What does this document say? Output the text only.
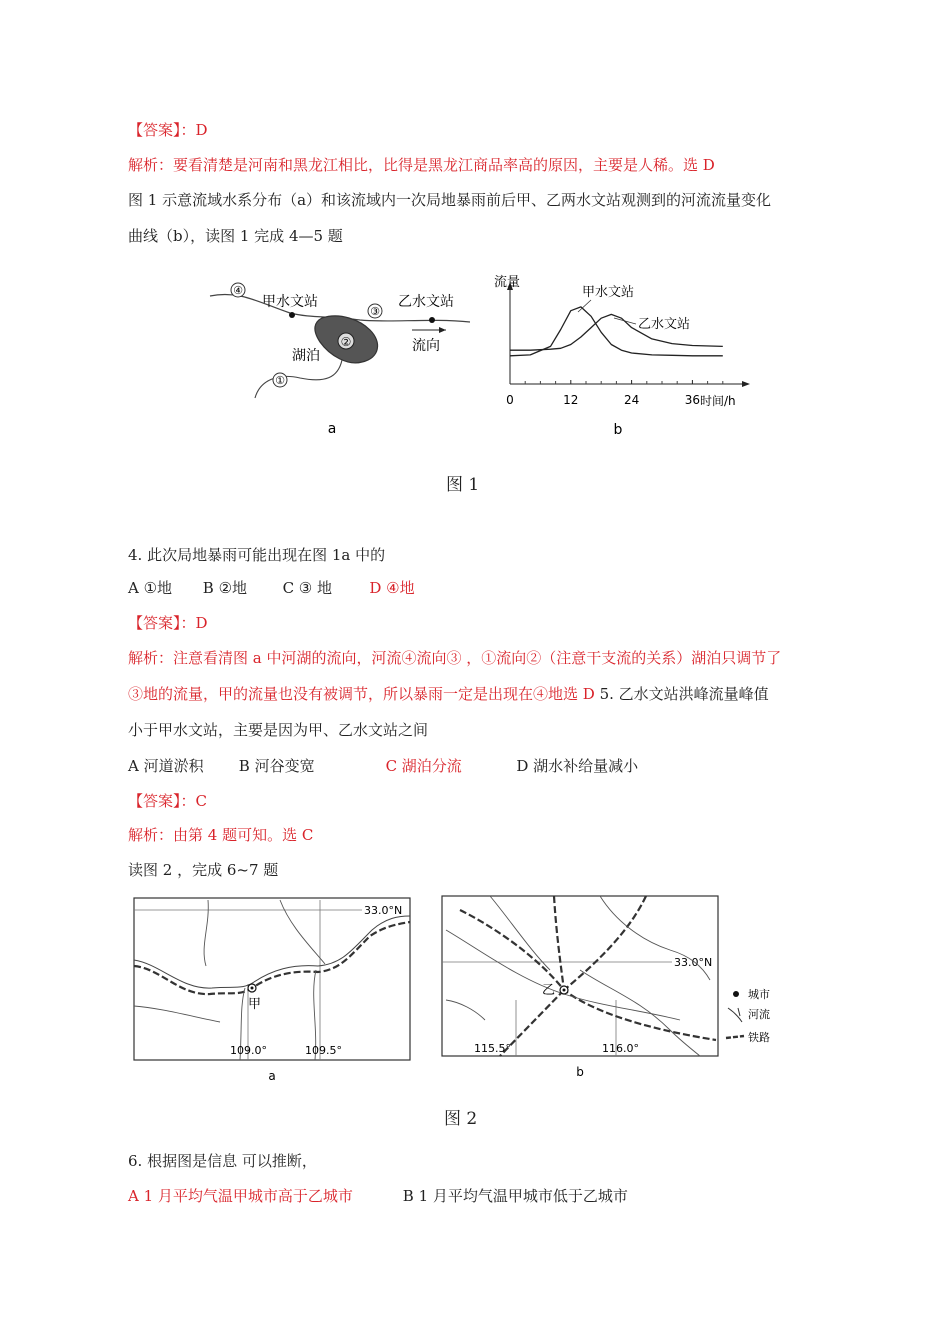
【答案】：D
解析：要看清楚是河南和黑龙江相比，比得是黑龙江商品率高的原因，主要是人稀。选 D
图 1 示意流域水系分布（a）和该流域内一次局地暴雨前后甲、乙两水文站观测到的河流流量变化
曲线（b），读图 1 完成 4—5 题
②
④
③
①
甲水文站	乙水文站
湖泊
流向
a
流量
时间/h
0	12	24	36
甲水文站
乙水文站
b
图 1
4. 此次局地暴雨可能出现在图 1a 中的
A ①地 B ②地 C ③ 地 D ④地
【答案】：D
解析：注意看清图 a 中河湖的流向，河流④流向③ ，①流向②（注意干支流的关系）湖泊只调节了
③地的流量，甲的流量也没有被调节，所以暴雨一定是出现在④地选 D 5. 乙水文站洪峰流量峰值
小于甲水文站，主要是因为甲、乙水文站之间
A 河道淤积 B 河谷变宽	C 湖泊分流	D 湖水补给量减小
【答案】：C
解析：由第 4 题可知。选 C
读图 2 ，完成 6~7 题
33.0°N
甲
109.0°	109.5°
a
33.0°N
乙
115.5°	116.0°
城市
河流
铁路
b
图 2
6. 根据图是信息 可以推断，
A 1 月平均气温甲城市高于乙城市	B 1 月平均气温甲城市低于乙城市
